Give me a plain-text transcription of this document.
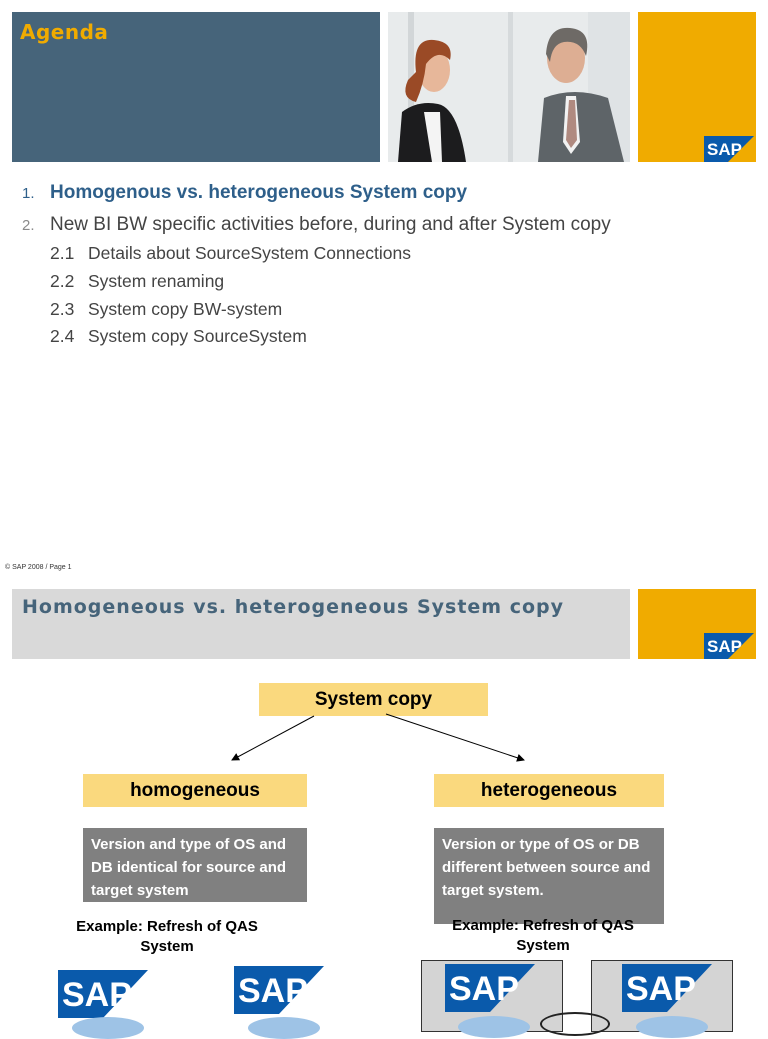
Agenda
SAP
1. Homogenous vs. heterogeneous System copy
2. New BI BW specific activities before, during and after System copy
2.1 Details about SourceSystem Connections
2.2 System renaming
2.3 System copy BW-system
2.4 System copy SourceSystem
© SAP 2008 / Page 1
Homogeneous vs. heterogeneous System copy
SAP
System copy
homogeneous	heterogeneous
Version and type of OS and DB identical for source and target system
Version or type of OS or DB different between source and target system.
Example: Refresh of QAS System
Example: Refresh of QAS System
SAP	SAP	SAP	SAP
